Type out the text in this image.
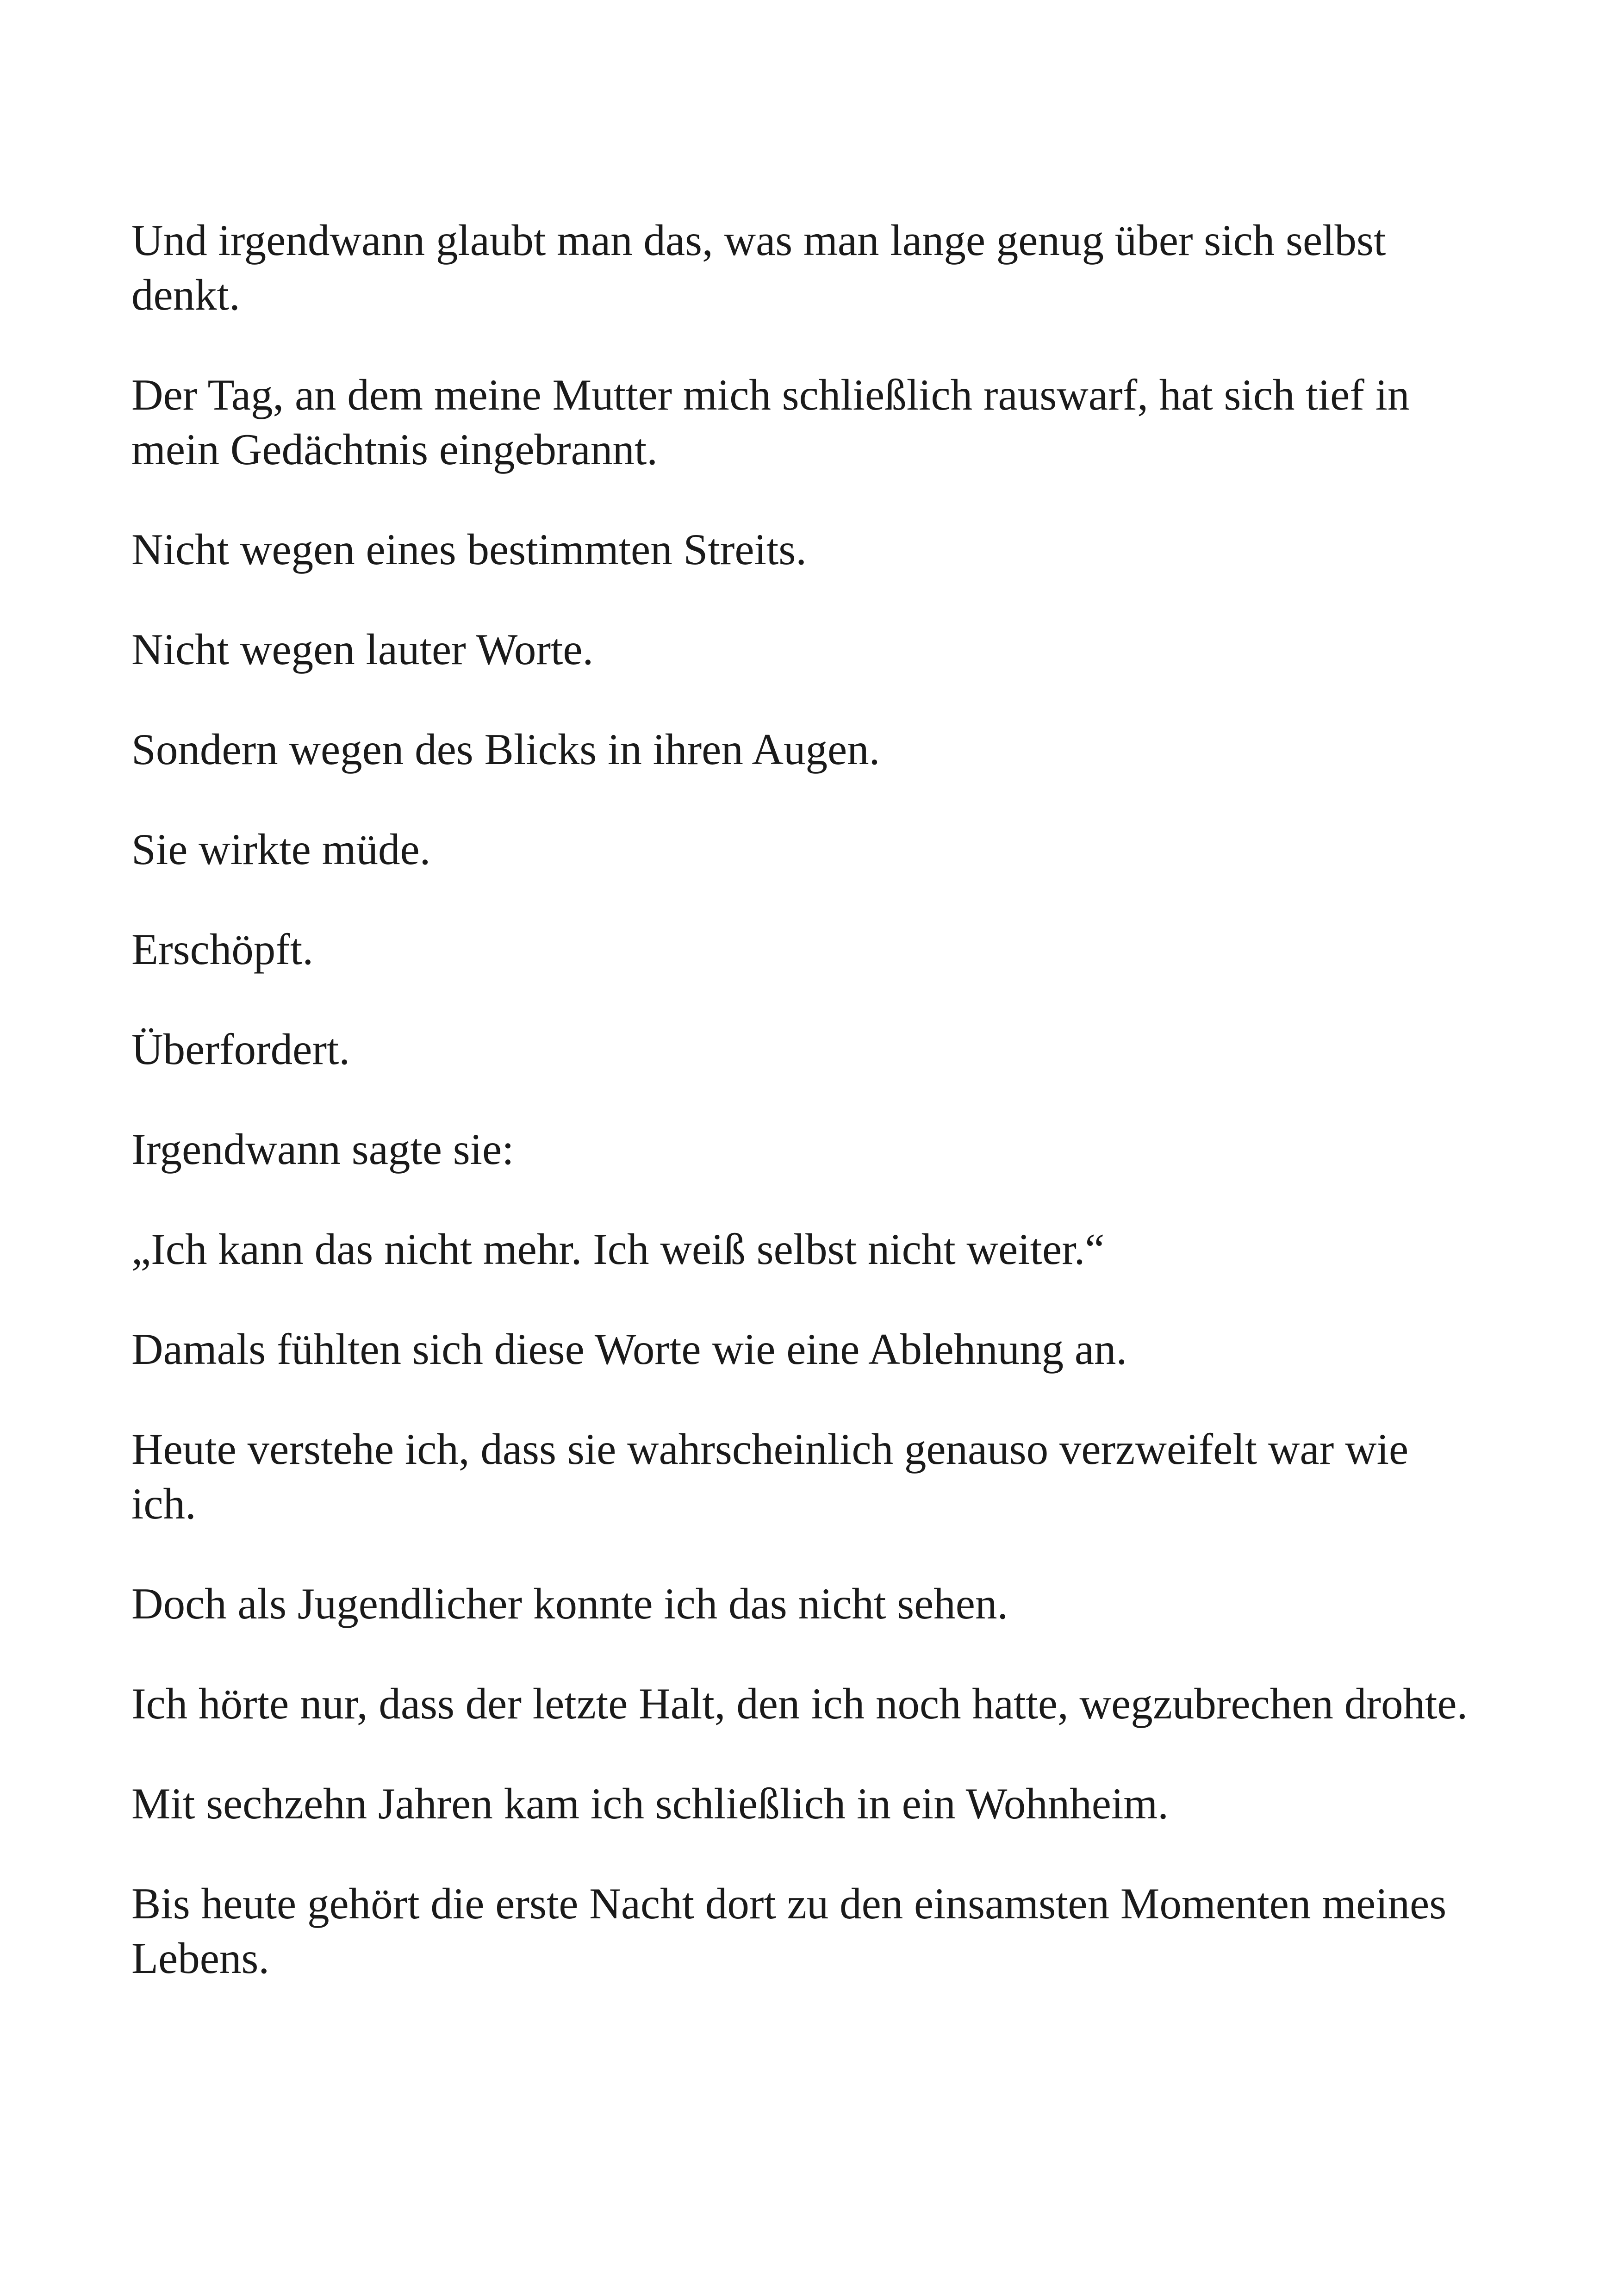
Und irgendwann glaubt man das, was man lange genug über sich selbst denkt.

Der Tag, an dem meine Mutter mich schließlich rauswarf, hat sich tief in mein Gedächtnis eingebrannt.

Nicht wegen eines bestimmten Streits.

Nicht wegen lauter Worte.

Sondern wegen des Blicks in ihren Augen.

Sie wirkte müde.

Erschöpft.

Überfordert.

Irgendwann sagte sie:

„Ich kann das nicht mehr. Ich weiß selbst nicht weiter.“

Damals fühlten sich diese Worte wie eine Ablehnung an.

Heute verstehe ich, dass sie wahrscheinlich genauso verzweifelt war wie ich.

Doch als Jugendlicher konnte ich das nicht sehen.

Ich hörte nur, dass der letzte Halt, den ich noch hatte, wegzubrechen drohte.

Mit sechzehn Jahren kam ich schließlich in ein Wohnheim.

Bis heute gehört die erste Nacht dort zu den einsamsten Momenten meines Lebens.
